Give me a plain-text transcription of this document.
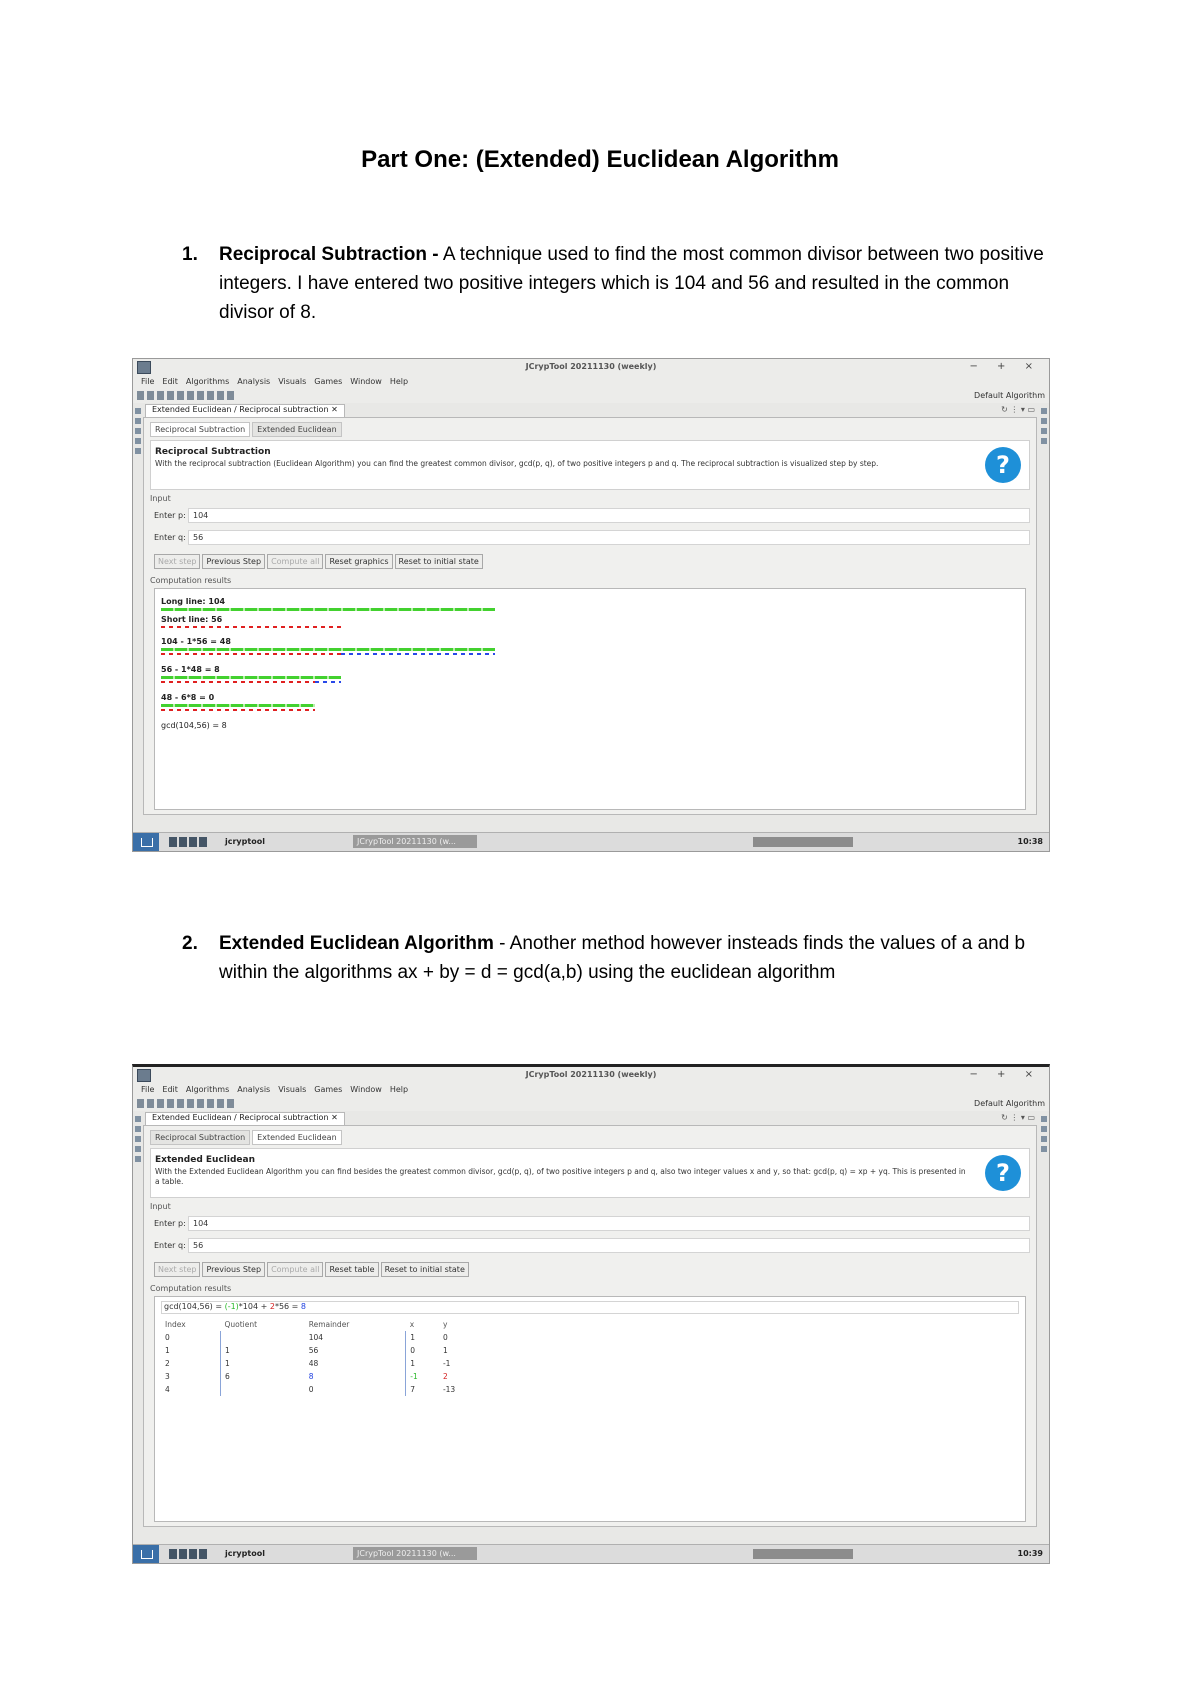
Part One: (Extended) Euclidean Algorithm
1. Reciprocal Subtraction - A technique used to find the most common divisor between two positive integers. I have entered two positive integers which is 104 and 56 and resulted in the common divisor of 8.
2. Extended Euclidean Algorithm - Another method however insteads finds the values of a and b within the algorithms ax + by = d = gcd(a,b) using the euclidean algorithm
JCrypTool 20211130 (weekly)	− + ×
File Edit Algorithms Analysis Visuals Games Window Help
Default Algorithm
Extended Euclidean / Reciprocal subtraction ✕	↻ ⋮ ▾ ▭
Reciprocal Subtraction Extended Euclidean
Reciprocal Subtraction
With the reciprocal subtraction (Euclidean Algorithm) you can find the greatest common divisor, gcd(p, q), of two positive integers p and q. The reciprocal subtraction is visualized step by step.	?
Input
Enter p: 104
Enter q: 56
Next step Previous Step Compute all Reset graphics Reset to initial state
Computation results
Long line: 104
Short line: 56
104 - 1*56 = 48
56 - 1*48 = 8
48 - 6*8 = 0
gcd(104,56) = 8
jcryptool	JCrypTool 20211130 (w...	10:38
JCrypTool 20211130 (weekly)	− + ×
File Edit Algorithms Analysis Visuals Games Window Help
Default Algorithm
Extended Euclidean / Reciprocal subtraction ✕	↻ ⋮ ▾ ▭
Reciprocal Subtraction Extended Euclidean
Extended Euclidean
With the Extended Euclidean Algorithm you can find besides the greatest common divisor, gcd(p, q), of two positive integers p and q, also two integer values x and y, so that: gcd(p, q) = xp + yq. This is presented in a table.	?
Input
Enter p: 104
Enter q: 56
Next step Previous Step Compute all Reset table Reset to initial state
Computation results
gcd(104,56) = (-1)*104 + 2*56 = 8
Index	Quotient	Remainder	x	y
0		104	1	0
1	1	56	0	1
2	1	48	1	-1
3	6	8	-1	2
4		0	7	-13
jcryptool	JCrypTool 20211130 (w...	10:39
